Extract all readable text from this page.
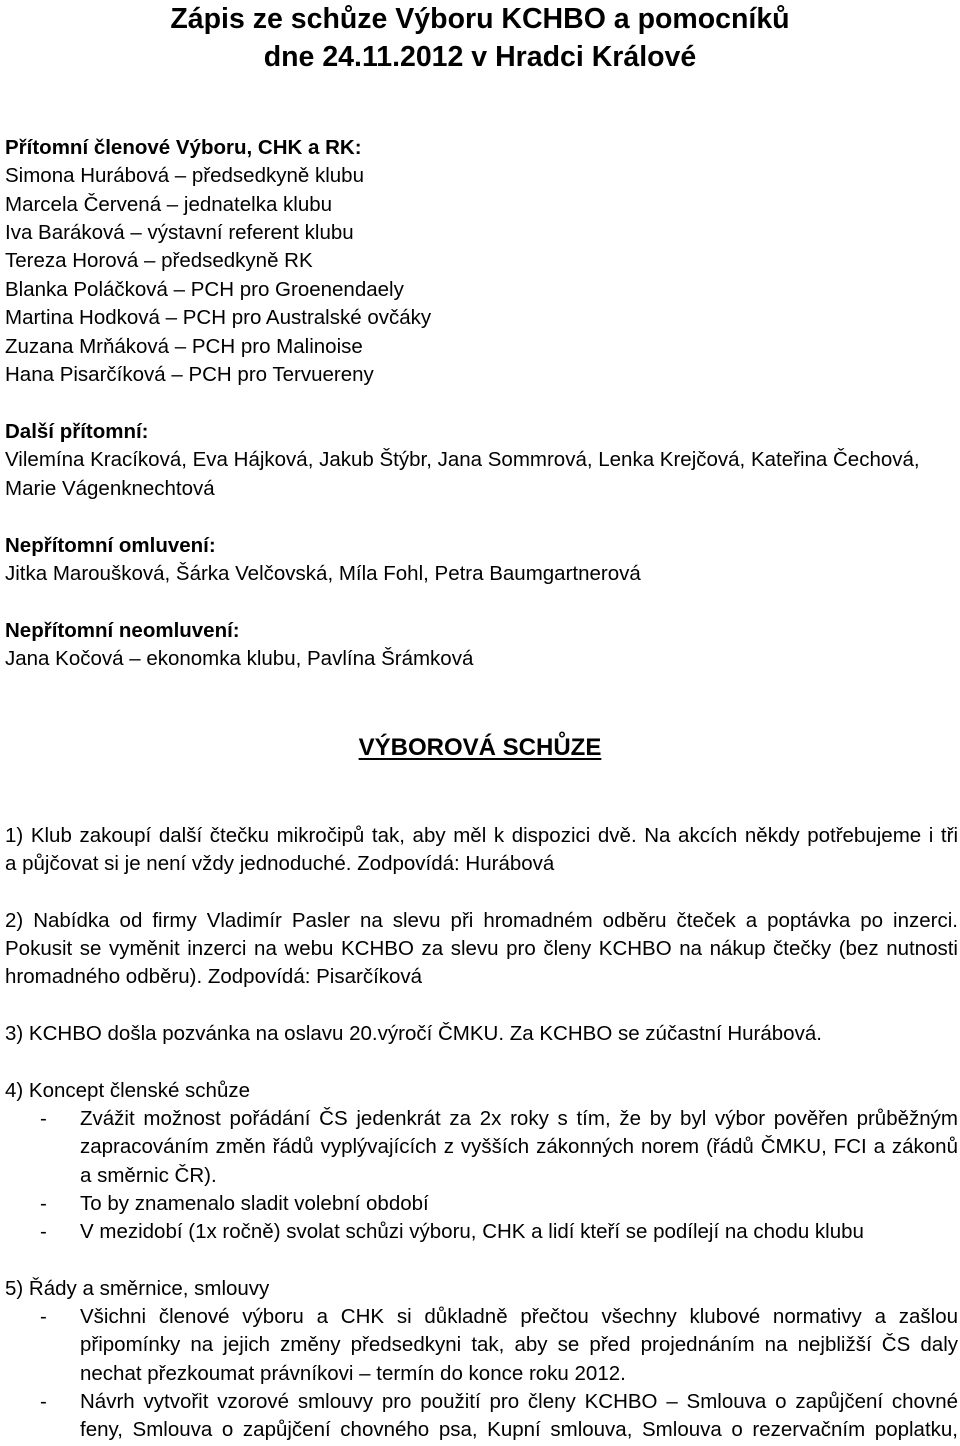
Zápis ze schůze Výboru KCHBO a pomocníků
dne 24.11.2012 v Hradci Králové
Přítomní členové Výboru, CHK a RK:
Simona Hurábová – předsedkyně klubu
Marcela Červená – jednatelka klubu
Iva Baráková – výstavní referent klubu
Tereza Horová – předsedkyně RK
Blanka Poláčková – PCH pro Groenendaely
Martina Hodková – PCH pro Australské ovčáky
Zuzana Mrňáková – PCH pro Malinoise
Hana Pisarčíková – PCH pro Tervuereny
Další přítomní:
Vilemína Kracíková, Eva Hájková, Jakub Štýbr, Jana Sommrová, Lenka Krejčová, Kateřina Čechová,
Marie Vágenknechtová
Nepřítomní omluvení:
Jitka Maroušková, Šárka Velčovská, Míla Fohl, Petra Baumgartnerová
Nepřítomní neomluvení:
Jana Kočová – ekonomka klubu, Pavlína Šrámková
VÝBOROVÁ SCHŮZE
1) Klub zakoupí další čtečku mikročipů tak, aby měl k dispozici dvě. Na akcích někdy potřebujeme i tři
a půjčovat si je není vždy jednoduché. Zodpovídá: Hurábová
2) Nabídka od firmy Vladimír Pasler na slevu při hromadném odběru čteček a poptávka po inzerci.
Pokusit se vyměnit inzerci na webu KCHBO za slevu pro členy KCHBO na nákup čtečky (bez nutnosti
hromadného odběru). Zodpovídá: Pisarčíková
3) KCHBO došla pozvánka na oslavu 20.výročí ČMKU. Za KCHBO se zúčastní Hurábová.
4) Koncept členské schůze
- Zvážit možnost pořádání ČS jedenkrát za 2x roky s tím, že by byl výbor pověřen průběžným
zapracováním změn řádů vyplývajících z vyšších zákonných norem (řádů ČMKU, FCI a zákonů
a směrnic ČR).
- To by znamenalo sladit volební období
- V mezidobí (1x ročně) svolat schůzi výboru, CHK a lidí kteří se podílejí na chodu klubu
5) Řády a směrnice, smlouvy
- Všichni členové výboru a CHK si důkladně přečtou všechny klubové normativy a zašlou
připomínky na jejich změny předsedkyni tak, aby se před projednáním na nejbližší ČS daly
nechat přezkoumat právníkovi – termín do konce roku 2012.
- Návrh vytvořit vzorové smlouvy pro použití pro členy KCHBO – Smlouva o zapůjčení chovné
feny, Smlouva o zapůjčení chovného psa, Kupní smlouva, Smlouva o rezervačním poplatku,
